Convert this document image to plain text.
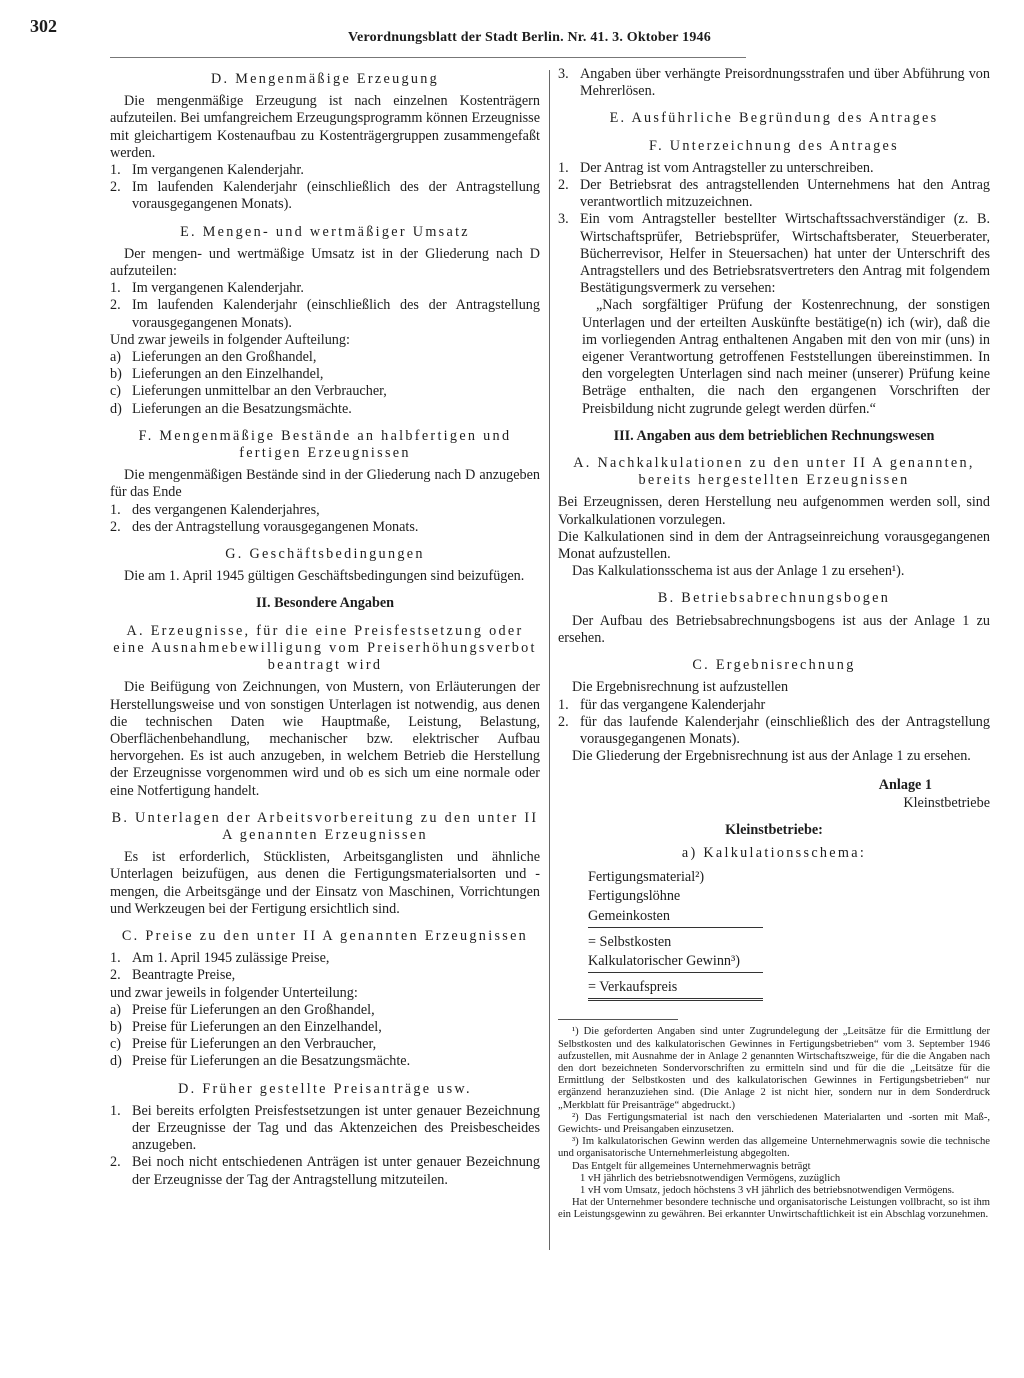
302
Verordnungsblatt der Stadt Berlin. Nr. 41. 3. Oktober 1946
D. Mengenmäßige Erzeugung

Die mengenmäßige Erzeugung ist nach einzelnen Kostenträgern aufzuteilen. Bei umfangreichem Erzeugungsprogramm können Erzeugnisse mit gleichartigem Kostenaufbau zu Kostenträgergruppen zusammengefaßt werden.

1. Im vergangenen Kalenderjahr.
2. Im laufenden Kalenderjahr (einschließlich des der Antragstellung vorausgegangenen Monats).
E. Mengen- und wertmäßiger Umsatz

Der mengen- und wertmäßige Umsatz ist in der Gliederung nach D aufzuteilen:

1. Im vergangenen Kalenderjahr.
2. Im laufenden Kalenderjahr (einschließlich des der Antragstellung vorausgegangenen Monats).

Und zwar jeweils in folgender Aufteilung:

a) Lieferungen an den Großhandel,
b) Lieferungen an den Einzelhandel,
c) Lieferungen unmittelbar an den Verbraucher,
d) Lieferungen an die Besatzungsmächte.
F. Mengenmäßige Bestände an halbfertigen und fertigen Erzeugnissen

Die mengenmäßigen Bestände sind in der Gliederung nach D anzugeben für das Ende

1. des vergangenen Kalenderjahres,
2. des der Antragstellung vorausgegangenen Monats.
G. Geschäftsbedingungen

Die am 1. April 1945 gültigen Geschäftsbedingungen sind beizufügen.

II. Besondere Angaben
A. Erzeugnisse, für die eine Preisfestsetzung oder eine Ausnahmebewilligung vom Preiserhöhungsverbot beantragt wird

Die Beifügung von Zeichnungen, von Mustern, von Erläuterungen der Herstellungsweise und von sonstigen Unterlagen ist notwendig, aus denen die technischen Daten wie Hauptmaße, Leistung, Belastung, Oberflächenbehandlung, mechanischer bzw. elektrischer Aufbau hervorgehen. Es ist auch anzugeben, in welchem Betrieb die Herstellung der Erzeugnisse vorgenommen wird und ob es sich um eine normale oder eine Notfertigung handelt.

B. Unterlagen der Arbeitsvorbereitung zu den unter II A genannten Erzeugnissen

Es ist erforderlich, Stücklisten, Arbeitsganglisten und ähnliche Unterlagen beizufügen, aus denen die Fertigungsmaterialsorten und -mengen, die Arbeitsgänge und der Einsatz von Maschinen, Vorrichtungen und Werkzeugen bei der Fertigung ersichtlich sind.

C. Preise zu den unter II A genannten Erzeugnissen
1. Am 1. April 1945 zulässige Preise,
2. Beantragte Preise,

und zwar jeweils in folgender Unterteilung:

a) Preise für Lieferungen an den Großhandel,
b) Preise für Lieferungen an den Einzelhandel,
c) Preise für Lieferungen an den Verbraucher,
d) Preise für Lieferungen an die Besatzungsmächte.
D. Früher gestellte Preisanträge usw.
1. Bei bereits erfolgten Preisfestsetzungen ist unter genauer Bezeichnung der Erzeugnisse der Tag und das Aktenzeichen des Preisbescheides anzugeben.
2. Bei noch nicht entschiedenen Anträgen ist unter genauer Bezeichnung der Erzeugnisse der Tag der Antragstellung mitzuteilen.
3. Angaben über verhängte Preisordnungsstrafen und über Abführung von Mehrerlösen.
E. Ausführliche Begründung des Antrages
F. Unterzeichnung des Antrages
1. Der Antrag ist vom Antragsteller zu unterschreiben.
2. Der Betriebsrat des antragstellenden Unternehmens hat den Antrag verantwortlich mitzuzeichnen.
3. Ein vom Antragsteller bestellter Wirtschaftssachverständiger (z. B. Wirtschaftsprüfer, Betriebsprüfer, Wirtschaftsberater, Steuerberater, Bücherrevisor, Helfer in Steuersachen) hat unter der Unterschrift des Antragstellers und des Betriebsratsvertreters den Antrag mit folgendem Bestätigungsvermerk zu versehen:

„Nach sorgfältiger Prüfung der Kostenrechnung, der sonstigen Unterlagen und der erteilten Auskünfte bestätige(n) ich (wir), daß die im vorliegenden Antrag enthaltenen Angaben mit den von mir (uns) in eigener Verantwortung getroffenen Feststellungen übereinstimmen. In den vorgelegten Unterlagen sind nach meiner (unserer) Prüfung keine Beträge enthalten, die nach den ergangenen Vorschriften der Preisbildung nicht zugrunde gelegt werden dürfen.“

III. Angaben aus dem betrieblichen Rechnungswesen
A. Nachkalkulationen zu den unter II A genannten, bereits hergestellten Erzeugnissen

Bei Erzeugnissen, deren Herstellung neu aufgenommen werden soll, sind Vorkalkulationen vorzulegen.

Die Kalkulationen sind in dem der Antragseinreichung vorausgegangenen Monat aufzustellen.

Das Kalkulationsschema ist aus der Anlage 1 zu ersehen¹).

B. Betriebsabrechnungsbogen

Der Aufbau des Betriebsabrechnungsbogens ist aus der Anlage 1 zu ersehen.

C. Ergebnisrechnung

Die Ergebnisrechnung ist aufzustellen

1. für das vergangene Kalenderjahr
2. für das laufende Kalenderjahr (einschließlich des der Antragstellung vorausgegangenen Monats).

Die Gliederung der Ergebnisrechnung ist aus der Anlage 1 zu ersehen.

Anlage 1
Kleinstbetriebe
Kleinstbetriebe:
a) Kalkulationsschema:
Fertigungsmaterial²)
Fertigungslöhne
Gemeinkosten
= Selbstkosten
Kalkulatorischer Gewinn³)
= Verkaufspreis

¹) Die geforderten Angaben sind unter Zugrundelegung der „Leitsätze für die Ermittlung der Selbstkosten und des kalkulatorischen Gewinnes in Fertigungsbetrieben“ vom 3. September 1946 aufzustellen, mit Ausnahme der in Anlage 2 genannten Wirtschaftszweige, für die die Angaben nach den dort bezeichneten Sondervorschriften zu ermitteln sind und für die die „Leitsätze für die Ermittlung der Selbstkosten und des kalkulatorischen Gewinnes in Fertigungsbetrieben“ nur ergänzend heranzuziehen sind. (Die Anlage 2 ist nicht hier, sondern nur in dem Sonderdruck „Merkblatt für Preisanträge“ abgedruckt.)

²) Das Fertigungsmaterial ist nach den verschiedenen Materialarten und -sorten mit Maß-, Gewichts- und Preisangaben einzusetzen.

³) Im kalkulatorischen Gewinn werden das allgemeine Unternehmerwagnis sowie die technische und organisatorische Unternehmerleistung abgegolten.

Das Entgelt für allgemeines Unternehmerwagnis beträgt

1 vH jährlich des betriebsnotwendigen Vermögens, zuzüglich

1 vH vom Umsatz, jedoch höchstens 3 vH jährlich des betriebsnotwendigen Vermögens.

Hat der Unternehmer besondere technische und organisatorische Leistungen vollbracht, so ist ihm ein Leistungsgewinn zu gewähren. Bei erkannter Unwirtschaftlichkeit ist ein Abschlag vorzunehmen.
